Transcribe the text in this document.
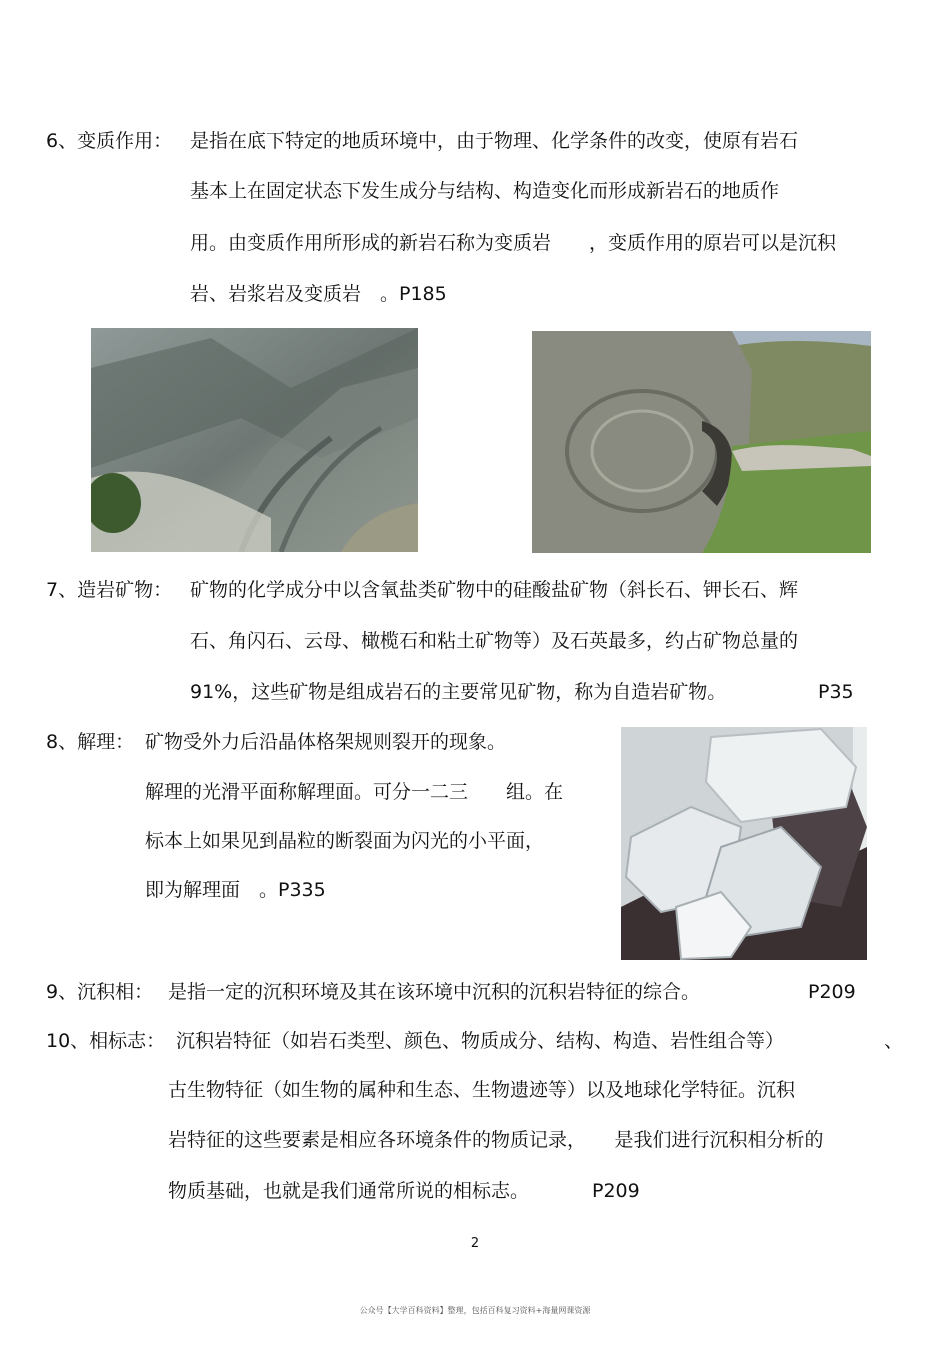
6、变质作用： 是指在底下特定的地质环境中，由于物理、化学条件的改变，使原有岩石
基本上在固定状态下发生成分与结构、构造变化而形成新岩石的地质作
用。由变质作用所形成的新岩石称为变质岩　　，变质作用的原岩可以是沉积
岩、岩浆岩及变质岩　。P185
7、造岩矿物： 矿物的化学成分中以含氧盐类矿物中的硅酸盐矿物（斜长石、钾长石、辉
石、角闪石、云母、橄榄石和粘土矿物等）及石英最多，约占矿物总量的
91%，这些矿物是组成岩石的主要常见矿物，称为自造岩矿物。	P35
8、解理： 矿物受外力后沿晶体格架规则裂开的现象。
解理的光滑平面称解理面。可分一二三　　组。在
标本上如果见到晶粒的断裂面为闪光的小平面，
即为解理面　。P335
9、沉积相： 是指一定的沉积环境及其在该环境中沉积的沉积岩特征的综合。	P209
10、相标志： 沉积岩特征（如岩石类型、颜色、物质成分、结构、构造、岩性组合等）	、
古生物特征（如生物的属种和生态、生物遗迹等）以及地球化学特征。沉积
岩特征的这些要素是相应各环境条件的物质记录，　　是我们进行沉积相分析的
物质基础，也就是我们通常所说的相标志。	P209
2
公众号【大学百科资料】整理，包括百科复习资料+海量网课资源
